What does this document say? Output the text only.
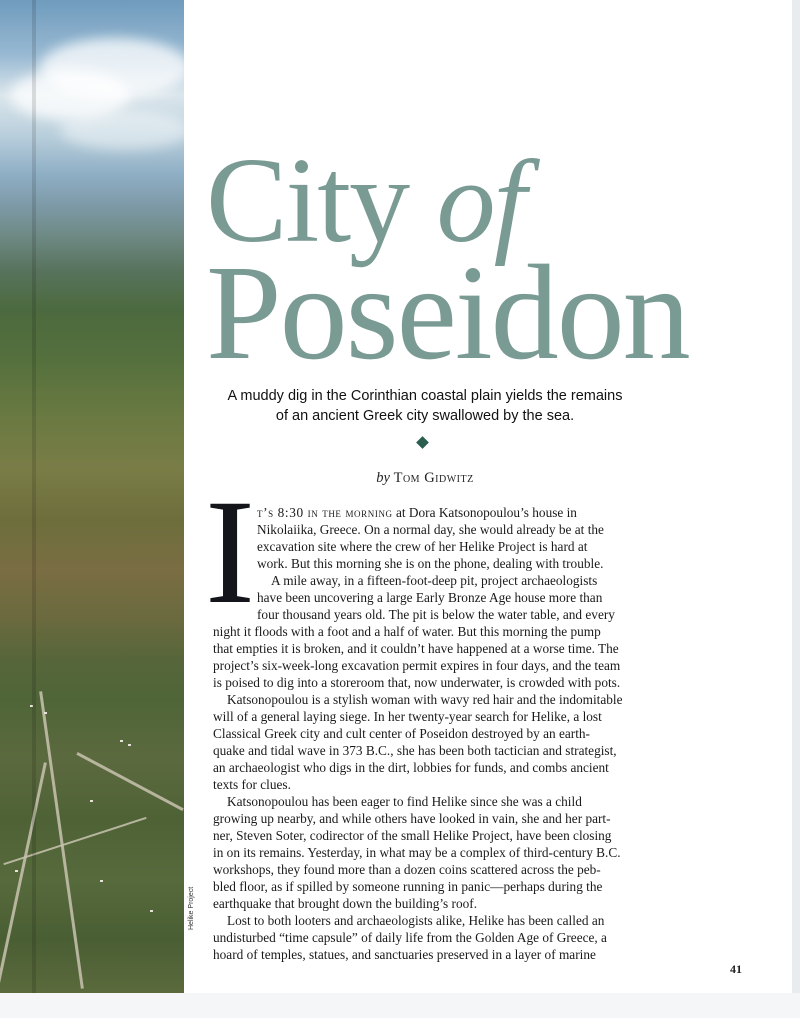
City of
Poseidon
A muddy dig in the Corinthian coastal plain yields the remains
of an ancient Greek city swallowed by the sea.

by Tom Gidwitz

I t’s 8:30 in the morning at Dora Katsonopoulou’s house in

Nikolaiika, Greece. On a normal day, she would already be at the

excavation site where the crew of her Helike Project is hard at

work. But this morning she is on the phone, dealing with trouble.

A mile away, in a fifteen-foot-deep pit, project archaeologists

have been uncovering a large Early Bronze Age house more than

four thousand years old. The pit is below the water table, and every

night it floods with a foot and a half of water. But this morning the pump

that empties it is broken, and it couldn’t have happened at a worse time. The

project’s six-week-long excavation permit expires in four days, and the team

is poised to dig into a storeroom that, now underwater, is crowded with pots.

Katsonopoulou is a stylish woman with wavy red hair and the indomitable

will of a general laying siege. In her twenty-year search for Helike, a lost

Classical Greek city and cult center of Poseidon destroyed by an earth-

quake and tidal wave in 373 B.C., she has been both tactician and strategist,

an archaeologist who digs in the dirt, lobbies for funds, and combs ancient

texts for clues.

Katsonopoulou has been eager to find Helike since she was a child

growing up nearby, and while others have looked in vain, she and her part-

ner, Steven Soter, codirector of the small Helike Project, have been closing

in on its remains. Yesterday, in what may be a complex of third-century B.C.

workshops, they found more than a dozen coins scattered across the peb-

bled floor, as if spilled by someone running in panic—perhaps during the

earthquake that brought down the building’s roof.

Lost to both looters and archaeologists alike, Helike has been called an

undisturbed “time capsule” of daily life from the Golden Age of Greece, a

hoard of temples, statues, and sanctuaries preserved in a layer of marine

Helike Project

41
